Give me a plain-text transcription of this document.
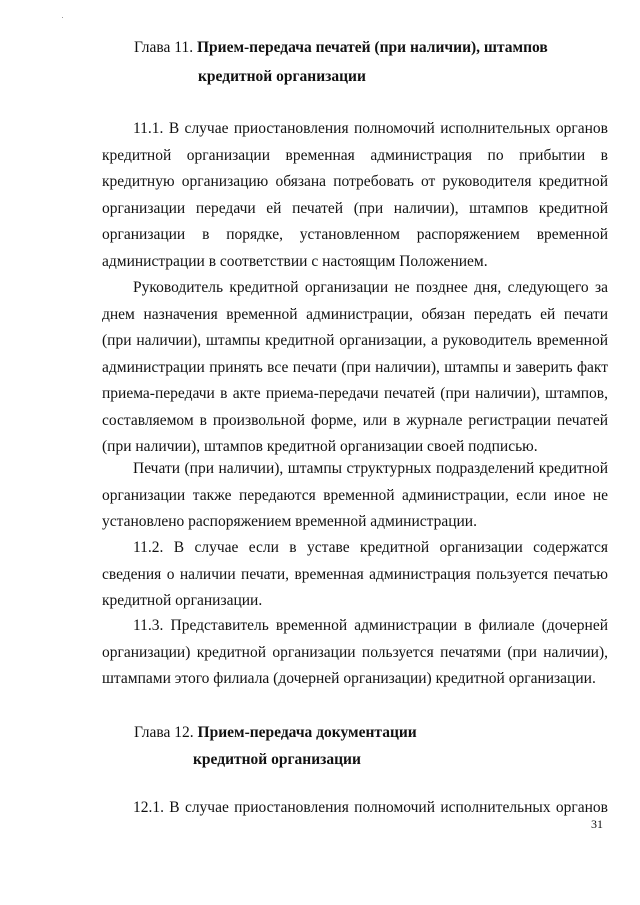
Глава 11. Прием-передача печатей (при наличии), штампов
кредитной организации

11.1. В случае приостановления полномочий исполнительных органов кредитной организации временная администрация по прибытии в кредитную организацию обязана потребовать от руководителя кредитной организации передачи ей печатей (при наличии), штампов кредитной организации в порядке, установленном распоряжением временной администрации в соответствии с настоящим Положением.

Руководитель кредитной организации не позднее дня, следующего за днем назначения временной администрации, обязан передать ей печати (при наличии), штампы кредитной организации, а руководитель временной администрации принять все печати (при наличии), штампы и заверить факт приема-передачи в акте приема-передачи печатей (при наличии), штампов, составляемом в произвольной форме, или в журнале регистрации печатей (при наличии), штампов кредитной организации своей подписью.

Печати (при наличии), штампы структурных подразделений кредитной организации также передаются временной администрации, если иное не установлено распоряжением временной администрации.

11.2. В случае если в уставе кредитной организации содержатся сведения о наличии печати, временная администрация пользуется печатью кредитной организации.

11.3. Представитель временной администрации в филиале (дочерней организации) кредитной организации пользуется печатями (при наличии), штампами этого филиала (дочерней организации) кредитной организации.

Глава 12. Прием-передача документации
кредитной организации

12.1. В случае приостановления полномочий исполнительных органов

31
